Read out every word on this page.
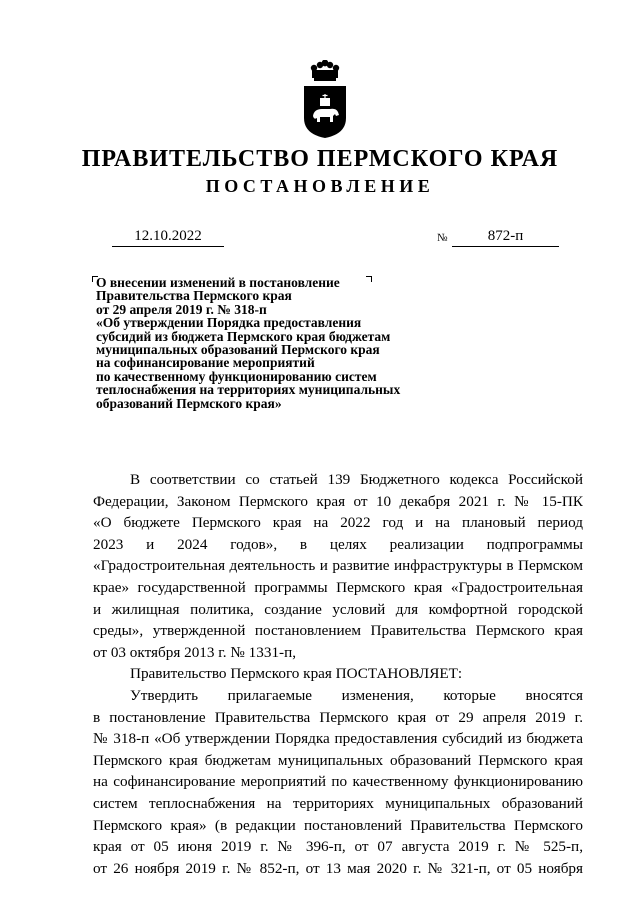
ПРАВИТЕЛЬСТВО ПЕРМСКОГО КРАЯ
ПОСТАНОВЛЕНИЕ
12.10.2022	№	872-п
О внесении изменений в постановление
Правительства Пермского края
от 29 апреля 2019 г. № 318-п
«Об утверждении Порядка предоставления
субсидий из бюджета Пермского края бюджетам
муниципальных образований Пермского края
на софинансирование мероприятий
по качественному функционированию систем
теплоснабжения на территориях муниципальных
образований Пермского края»

В соответствии со статьей 139 Бюджетного кодекса Российской

Федерации, Законом Пермского края от 10 декабря 2021 г. № 15-ПК

«О бюджете Пермского края на 2022 год и на плановый период

2023 и 2024 годов», в целях реализации подпрограммы

«Градостроительная деятельность и развитие инфраструктуры в Пермском

крае» государственной программы Пермского края «Градостроительная

и жилищная политика, создание условий для комфортной городской

среды», утвержденной постановлением Правительства Пермского края

от 03 октября 2013 г. № 1331-п,

Правительство Пермского края ПОСТАНОВЛЯЕТ:

Утвердить прилагаемые изменения, которые вносятся

в постановление Правительства Пермского края от 29 апреля 2019 г.

№ 318-п «Об утверждении Порядка предоставления субсидий из бюджета

Пермского края бюджетам муниципальных образований Пермского края

на софинансирование мероприятий по качественному функционированию

систем теплоснабжения на территориях муниципальных образований

Пермского края» (в редакции постановлений Правительства Пермского

края от 05 июня 2019 г. № 396-п, от 07 августа 2019 г. № 525-п,

от 26 ноября 2019 г. № 852-п, от 13 мая 2020 г. № 321-п, от 05 ноября
